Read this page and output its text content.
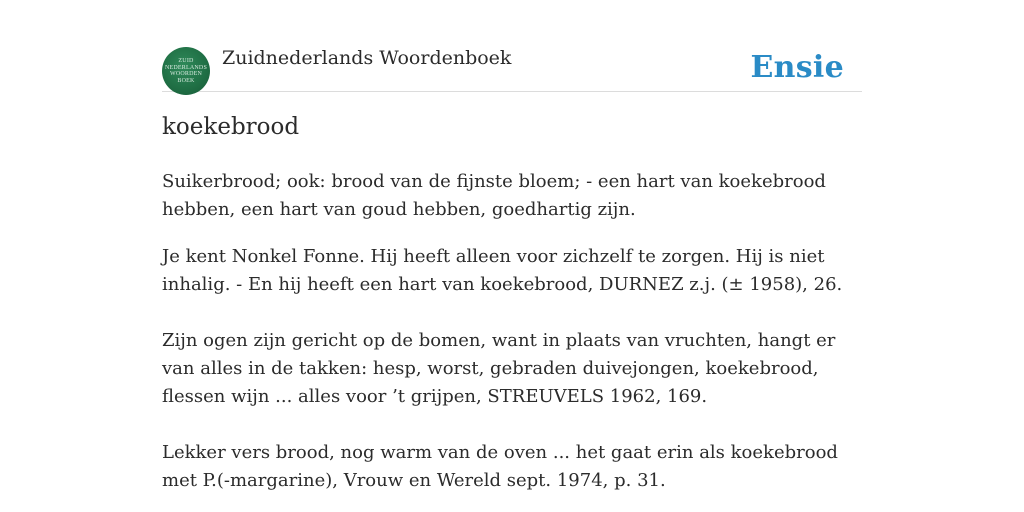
ZUID
NEDERLANDS
WOORDEN
BOEK
Zuidnederlands Woordenboek	Ensie
koekebrood

Suikerbrood; ook: brood van de fijnste bloem; - een hart van koekebrood hebben, een hart van goud hebben, goedhartig zijn.

Je kent Nonkel Fonne. Hij heeft alleen voor zichzelf te zorgen. Hij is niet inhalig. - En hij heeft een hart van koekebrood, DURNEZ z.j. (± 1958), 26.

Zijn ogen zijn gericht op de bomen, want in plaats van vruchten, hangt er van alles in de takken: hesp, worst, gebraden duivejongen, koekebrood, flessen wijn ... alles voor ’t grijpen, STREUVELS 1962, 169.

Lekker vers brood, nog warm van de oven ... het gaat erin als koekebrood met P.(-margarine), Vrouw en Wereld sept. 1974, p. 31.
